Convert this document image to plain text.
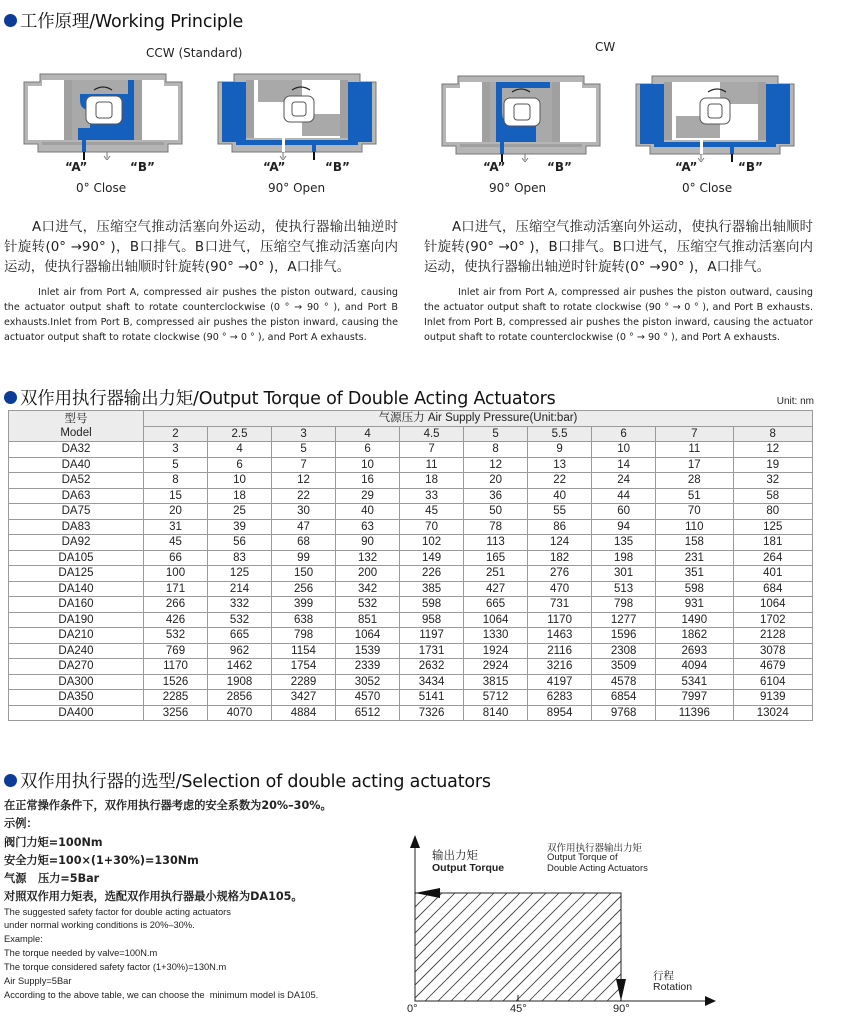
工作原理/Working Principle
CCW (Standard)	CW
“A”	“B”
0° Close
“A”	“B”
90° Open
“A”	“B”
90° Open
“A”	“B”
0° Close
A口进气，压缩空气推动活塞向外运动，使执行器输出轴逆时针旋转(0° →90° )，B口排气。B口进气，压缩空气推动活塞向内运动，使执行器输出轴顺时针旋转(90° →0° )，A口排气。
Inlet air from Port A, compressed air pushes the piston outward, causing the actuator output shaft to rotate counterclockwise (0 ° → 90 ° ), and Port B exhausts.Inlet from Port B, compressed air pushes the piston inward, causing the actuator output shaft to rotate clockwise (90 ° → 0 ° ), and Port A exhausts.
A口进气，压缩空气推动活塞向外运动，使执行器输出轴顺时针旋转(90° →0° )，B口排气。B口进气，压缩空气推动活塞向内运动，使执行器输出轴逆时针旋转(0° →90° )，A口排气。
Inlet air from Port A, compressed air pushes the piston outward, causing the actuator output shaft to rotate clockwise (90 ° → 0 ° ), and Port B exhausts. Inlet from Port B, compressed air pushes the piston inward, causing the actuator output shaft to rotate counterclockwise (0 ° → 90 ° ), and Port A exhausts.
双作用执行器输出力矩/Output Torque of Double Acting Actuators	Unit: nm
型号
Model	气源压力 Air Supply Pressure(Unit:bar)									
	2	2.5	3	4	4.5	5	5.5	6	7	8
DA32	3	4	5	6	7	8	9	10	11	12
DA40	5	6	7	10	11	12	13	14	17	19
DA52	8	10	12	16	18	20	22	24	28	32
DA63	15	18	22	29	33	36	40	44	51	58
DA75	20	25	30	40	45	50	55	60	70	80
DA83	31	39	47	63	70	78	86	94	110	125
DA92	45	56	68	90	102	113	124	135	158	181
DA105	66	83	99	132	149	165	182	198	231	264
DA125	100	125	150	200	226	251	276	301	351	401
DA140	171	214	256	342	385	427	470	513	598	684
DA160	266	332	399	532	598	665	731	798	931	1064
DA190	426	532	638	851	958	1064	1170	1277	1490	1702
DA210	532	665	798	1064	1197	1330	1463	1596	1862	2128
DA240	769	962	1154	1539	1731	1924	2116	2308	2693	3078
DA270	1170	1462	1754	2339	2632	2924	3216	3509	4094	4679
DA300	1526	1908	2289	3052	3434	3815	4197	4578	5341	6104
DA350	2285	2856	3427	4570	5141	5712	6283	6854	7997	9139
DA400	3256	4070	4884	6512	7326	8140	8954	9768	11396	13024
双作用执行器的选型/Selection of double acting actuators
在正常操作条件下，双作用执行器考虑的安全系数为20%–30%。
示例：
阀门力矩=100Nm
安全力矩=100×(1+30%)=130Nm
气源   压力=5Bar
对照双作用力矩表，选配双作用执行器最小规格为DA105。
The suggested safety factor for double acting actuators
under normal working conditions is 20%–30%.
Example:
The torque needed by valve=100N.m
The torque considered safety factor (1+30%)=130N.m
Air Supply=5Bar
According to the above table, we can choose the  minimum model is DA105.
输出力矩
Output Torque
双作用执行器输出力矩
Output Torque of
Double Acting Actuators
行程
Rotation
0°	45°	90°
